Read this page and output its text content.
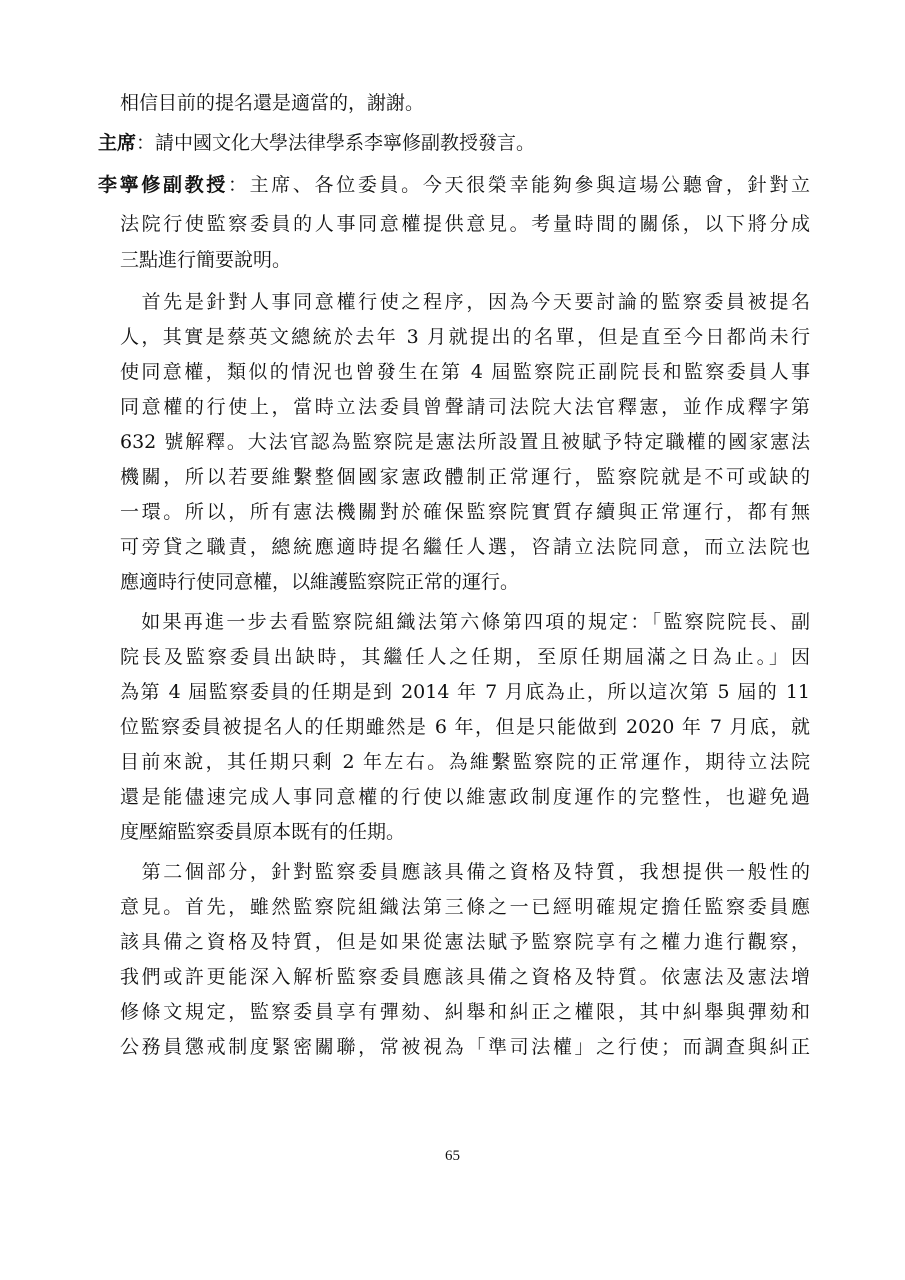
相信目前的提名還是適當的，謝謝。
主席：請中國文化大學法律學系李寧修副教授發言。
李寧修副教授：主席、各位委員。今天很榮幸能夠參與這場公聽會，針對立
法院行使監察委員的人事同意權提供意見。考量時間的關係，以下將分成
三點進行簡要說明。
　首先是針對人事同意權行使之程序，因為今天要討論的監察委員被提名
人，其實是蔡英文總統於去年 3 月就提出的名單，但是直至今日都尚未行
使同意權，類似的情況也曾發生在第 4 屆監察院正副院長和監察委員人事
同意權的行使上，當時立法委員曾聲請司法院大法官釋憲，並作成釋字第
632 號解釋。大法官認為監察院是憲法所設置且被賦予特定職權的國家憲法
機關，所以若要維繫整個國家憲政體制正常運行，監察院就是不可或缺的
一環。所以，所有憲法機關對於確保監察院實質存續與正常運行，都有無
可旁貸之職責，總統應適時提名繼任人選，咨請立法院同意，而立法院也
應適時行使同意權，以維護監察院正常的運行。
　如果再進一步去看監察院組織法第六條第四項的規定：「監察院院長、副
院長及監察委員出缺時，其繼任人之任期，至原任期屆滿之日為止。」因
為第 4 屆監察委員的任期是到 2014 年 7 月底為止，所以這次第 5 屆的 11
位監察委員被提名人的任期雖然是 6 年，但是只能做到 2020 年 7 月底，就
目前來說，其任期只剩 2 年左右。為維繫監察院的正常運作，期待立法院
還是能儘速完成人事同意權的行使以維憲政制度運作的完整性，也避免過
度壓縮監察委員原本既有的任期。
　第二個部分，針對監察委員應該具備之資格及特質，我想提供一般性的
意見。首先，雖然監察院組織法第三條之一已經明確規定擔任監察委員應
該具備之資格及特質，但是如果從憲法賦予監察院享有之權力進行觀察，
我們或許更能深入解析監察委員應該具備之資格及特質。依憲法及憲法增
修條文規定，監察委員享有彈劾、糾舉和糾正之權限，其中糾舉與彈劾和
公務員懲戒制度緊密關聯，常被視為「準司法權」之行使；而調查與糾正
65
